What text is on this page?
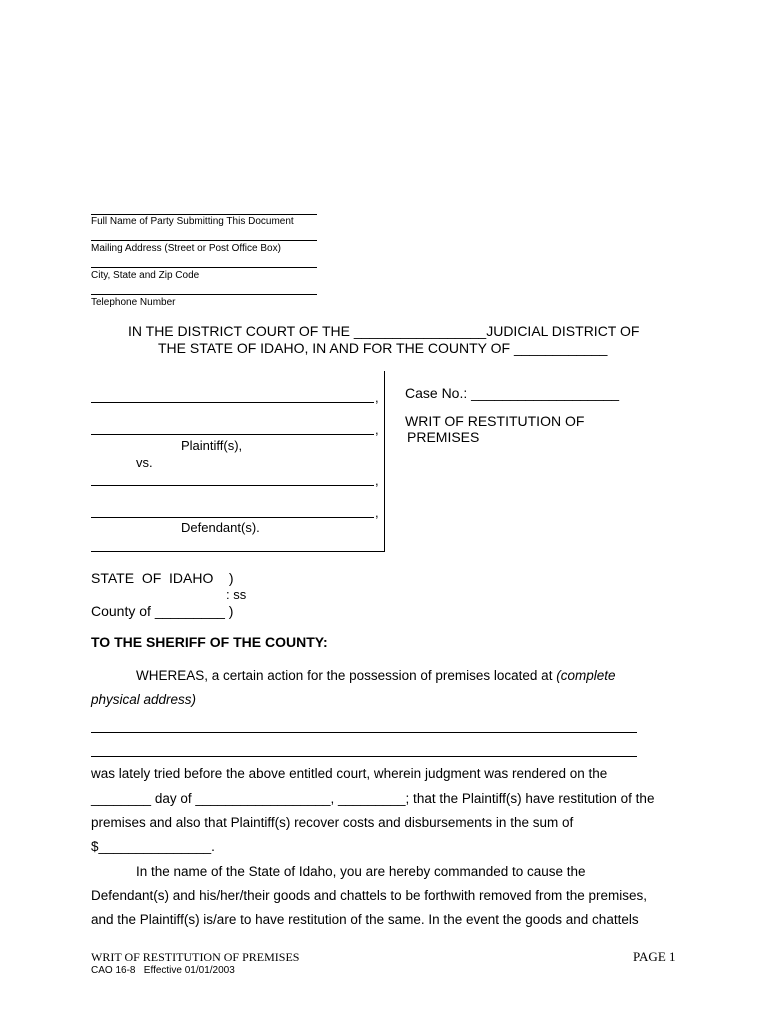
Full Name of Party Submitting This Document
Mailing Address (Street or Post Office Box)
City, State and Zip Code
Telephone Number
IN THE DISTRICT COURT OF THE _________________JUDICIAL DISTRICT OF
THE STATE OF IDAHO, IN AND FOR THE COUNTY OF ____________
,
,
Plaintiff(s),
vs.
,
,
Defendant(s).
Case No.: ___________________
WRIT OF RESTITUTION OF
PREMISES
STATE  OF  IDAHO    )
: ss
County of _________ )
TO THE SHERIFF OF THE COUNTY:
WHEREAS, a certain action for the possession of premises located at (complete
physical address)
was lately tried before the above entitled court, wherein judgment was rendered on the
________ day of __________________, _________; that the Plaintiff(s) have restitution of the
premises and also that Plaintiff(s) recover costs and disbursements in the sum of
$_______________.
In the name of the State of Idaho, you are hereby commanded to cause the
Defendant(s) and his/her/their goods and chattels to be forthwith removed from the premises,
and the Plaintiff(s) is/are to have restitution of the same. In the event the goods and chattels
WRIT OF RESTITUTION OF PREMISES	PAGE 1
CAO 16-8   Effective 01/01/2003
